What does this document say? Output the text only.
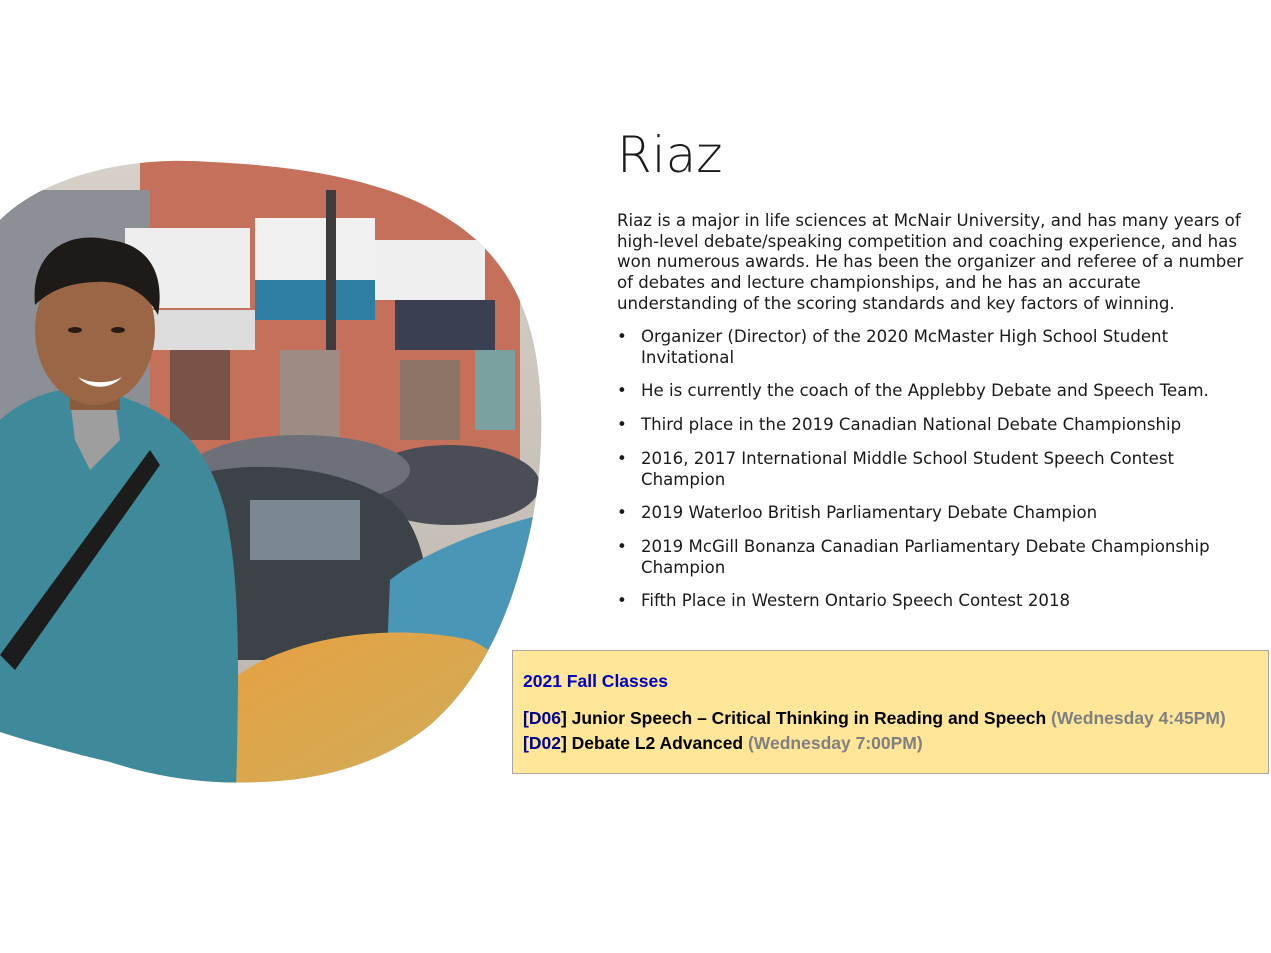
Riaz

Riaz is a major in life sciences at McNair University, and has many years of high-level debate/speaking competition and coaching experience, and has won numerous awards. He has been the organizer and referee of a number of debates and lecture championships, and he has an accurate understanding of the scoring standards and key factors of winning.

• Organizer (Director) of the 2020 McMaster High School Student Invitational
• He is currently the coach of the Applebby Debate and Speech Team.
• Third place in the 2019 Canadian National Debate Championship
• 2016, 2017 International Middle School Student Speech Contest Champion
• 2019 Waterloo British Parliamentary Debate Champion
• 2019 McGill Bonanza Canadian Parliamentary Debate Championship Champion
• Fifth Place in Western Ontario Speech Contest 2018
2021 Fall Classes
[D06] Junior Speech – Critical Thinking in Reading and Speech (Wednesday 4:45PM)
[D02] Debate L2 Advanced (Wednesday 7:00PM)
